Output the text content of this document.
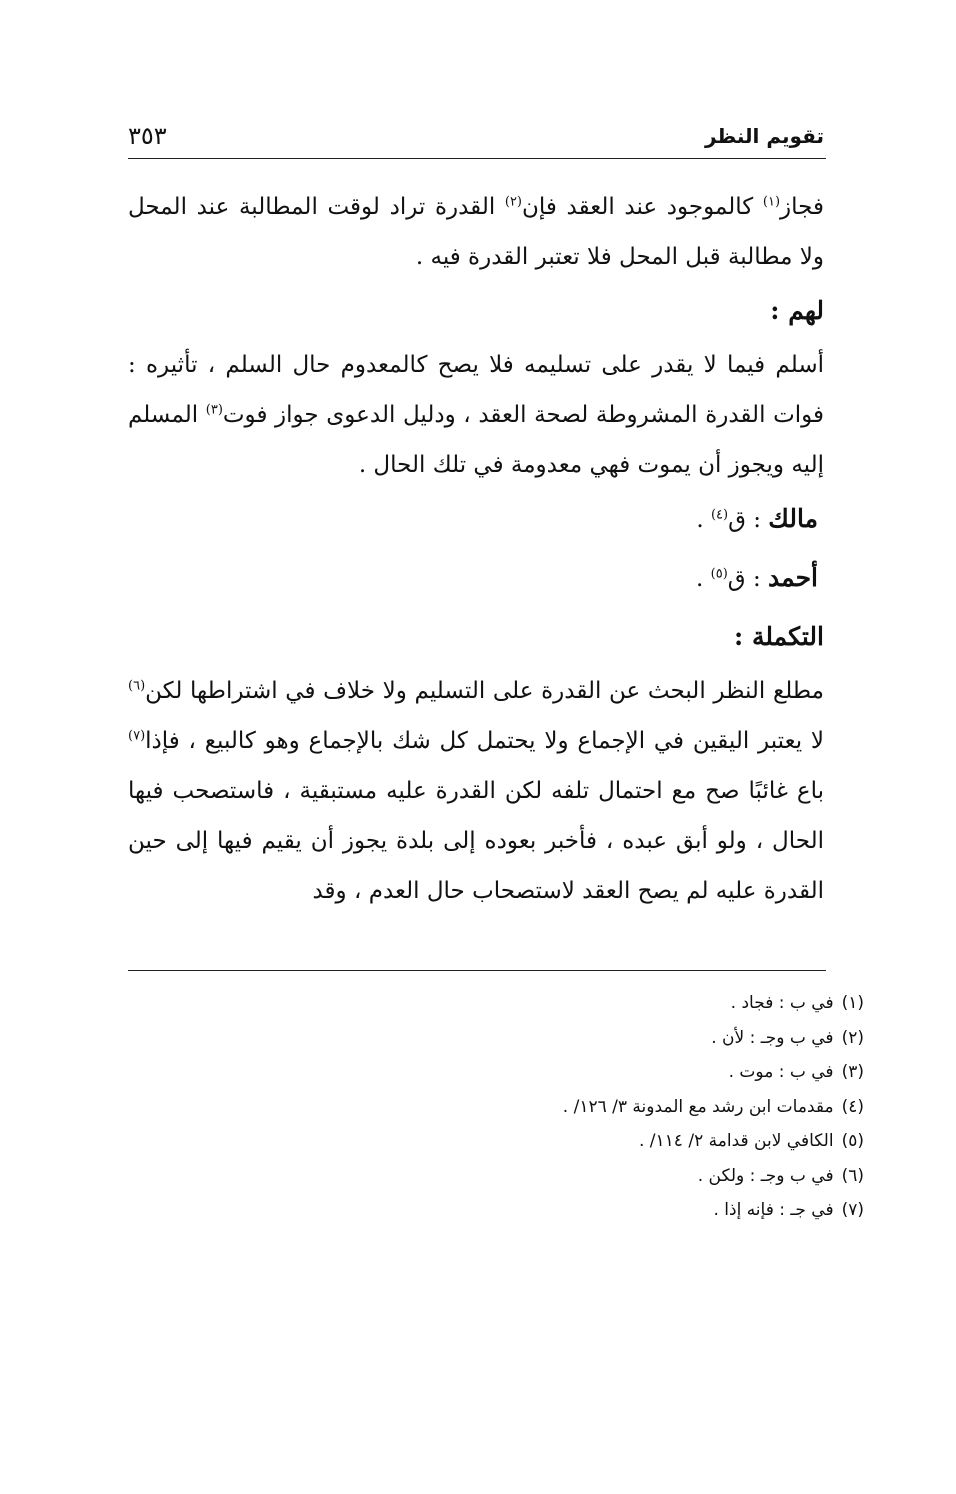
تقويم النظر
٣٥٣

فجاز$^{(١)}$ كالموجود عند العقد فإن$^{(٢)}$ القدرة تراد لوقت المطالبة عند المحل ولا مطالبة قبل المحل فلا تعتبر القدرة فيه .

لهم :

أسلم فيما لا يقدر على تسليمه فلا يصح كالمعدوم حال السلم ، تأثيره : فوات القدرة المشروطة لصحة العقد ، ودليل الدعوى جواز فوت$^{(٣)}$ المسلم إليه ويجوز أن يموت فهي معدومة في تلك الحال .

مالك : ق$^{(٤)}$ .

أحمد : ق$^{(٥)}$ .

التكملة :

مطلع النظر البحث عن القدرة على التسليم ولا خلاف في اشتراطها لكن$^{(٦)}$ لا يعتبر اليقين في الإجماع ولا يحتمل كل شك بالإجماع وهو كالبيع ، فإذا$^{(٧)}$ باع غائبًا صح مع احتمال تلفه لكن القدرة عليه مستبقية ، فاستصحب فيها الحال ، ولو أبق عبده ، فأخبر بعوده إلى بلدة يجوز أن يقيم فيها إلى حين القدرة عليه لم يصح العقد لاستصحاب حال العدم ، وقد

(١)في ب : فجاد .
(٢)في ب وجـ : لأن .
(٣)في ب : موت .
(٤)مقدمات ابن رشد مع المدونة ٣/ ١٢٦/ .
(٥)الكافي لابن قدامة ٢/ ١١٤/ .
(٦)في ب وجـ : ولكن .
(٧)في جـ : فإنه إذا .
